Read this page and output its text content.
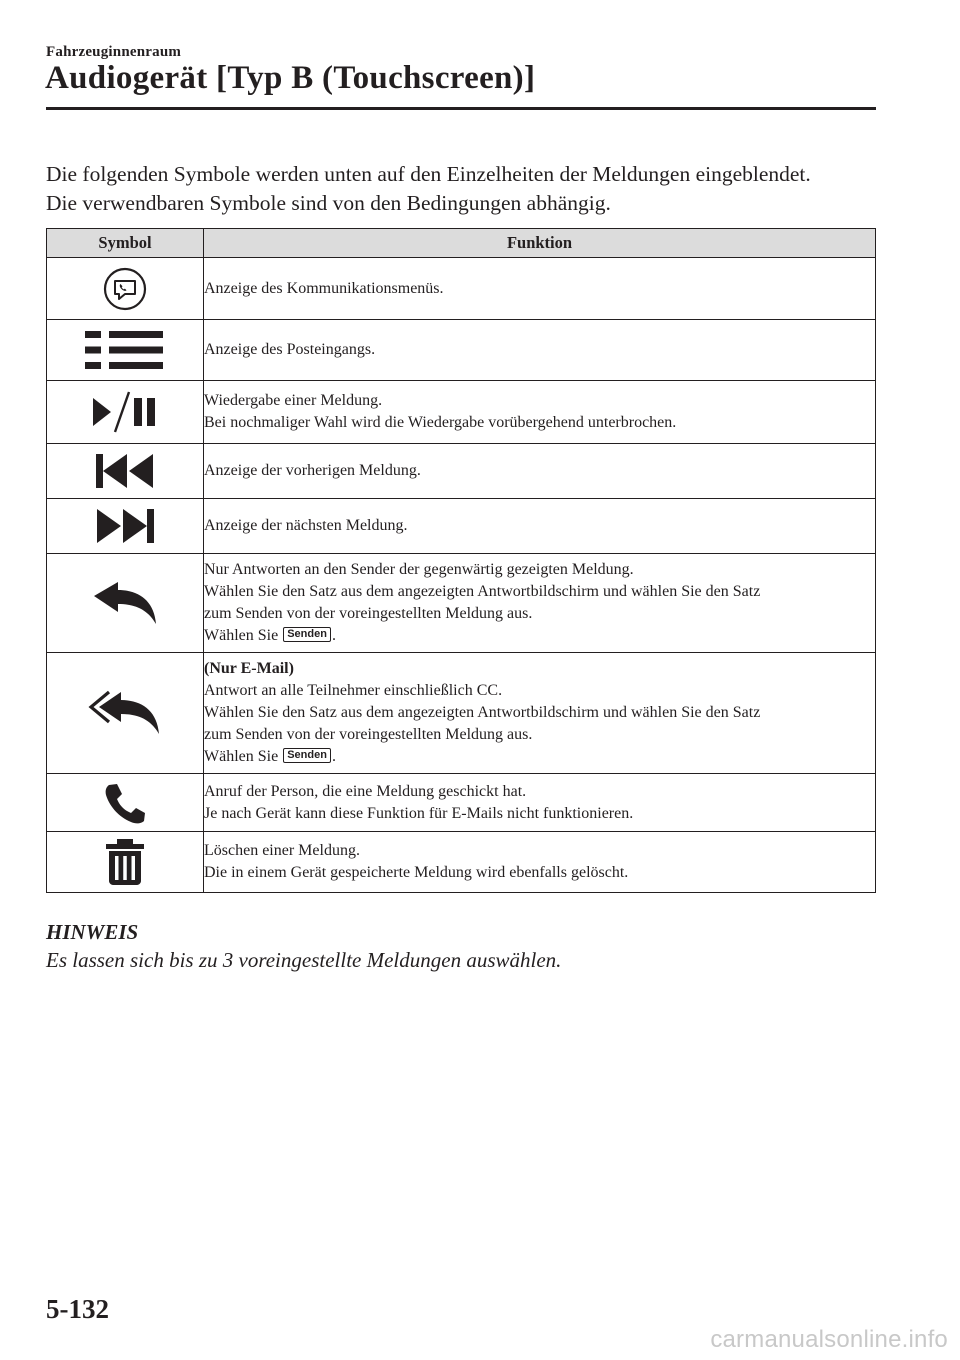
Fahrzeuginnenraum
Audiogerät [Typ B (Touchscreen)]

Die folgenden Symbole werden unten auf den Einzelheiten der Meldungen eingeblendet.

Die verwendbaren Symbole sind von den Bedingungen abhängig.

Symbol	Funktion

Anzeige des Kommunikationsmenüs.

Anzeige des Posteingangs.

Wiedergabe einer Meldung.
Bei nochmaliger Wahl wird die Wiedergabe vorübergehend unterbrochen.

Anzeige der vorherigen Meldung.

Anzeige der nächsten Meldung.

Nur Antworten an den Sender der gegenwärtig gezeigten Meldung.
Wählen Sie den Satz aus dem angezeigten Antwortbildschirm und wählen Sie den Satz
zum Senden von der voreingestellten Meldung aus.
Wählen Sie Senden .

(Nur E-Mail)
Antwort an alle Teilnehmer einschließlich CC.
Wählen Sie den Satz aus dem angezeigten Antwortbildschirm und wählen Sie den Satz
zum Senden von der voreingestellten Meldung aus.
Wählen Sie Senden .

Anruf der Person, die eine Meldung geschickt hat.
Je nach Gerät kann diese Funktion für E-Mails nicht funktionieren.

Löschen einer Meldung.
Die in einem Gerät gespeicherte Meldung wird ebenfalls gelöscht.
HINWEIS
Es lassen sich bis zu 3 voreingestellte Meldungen auswählen.
5-132
carmanualsonline.info
